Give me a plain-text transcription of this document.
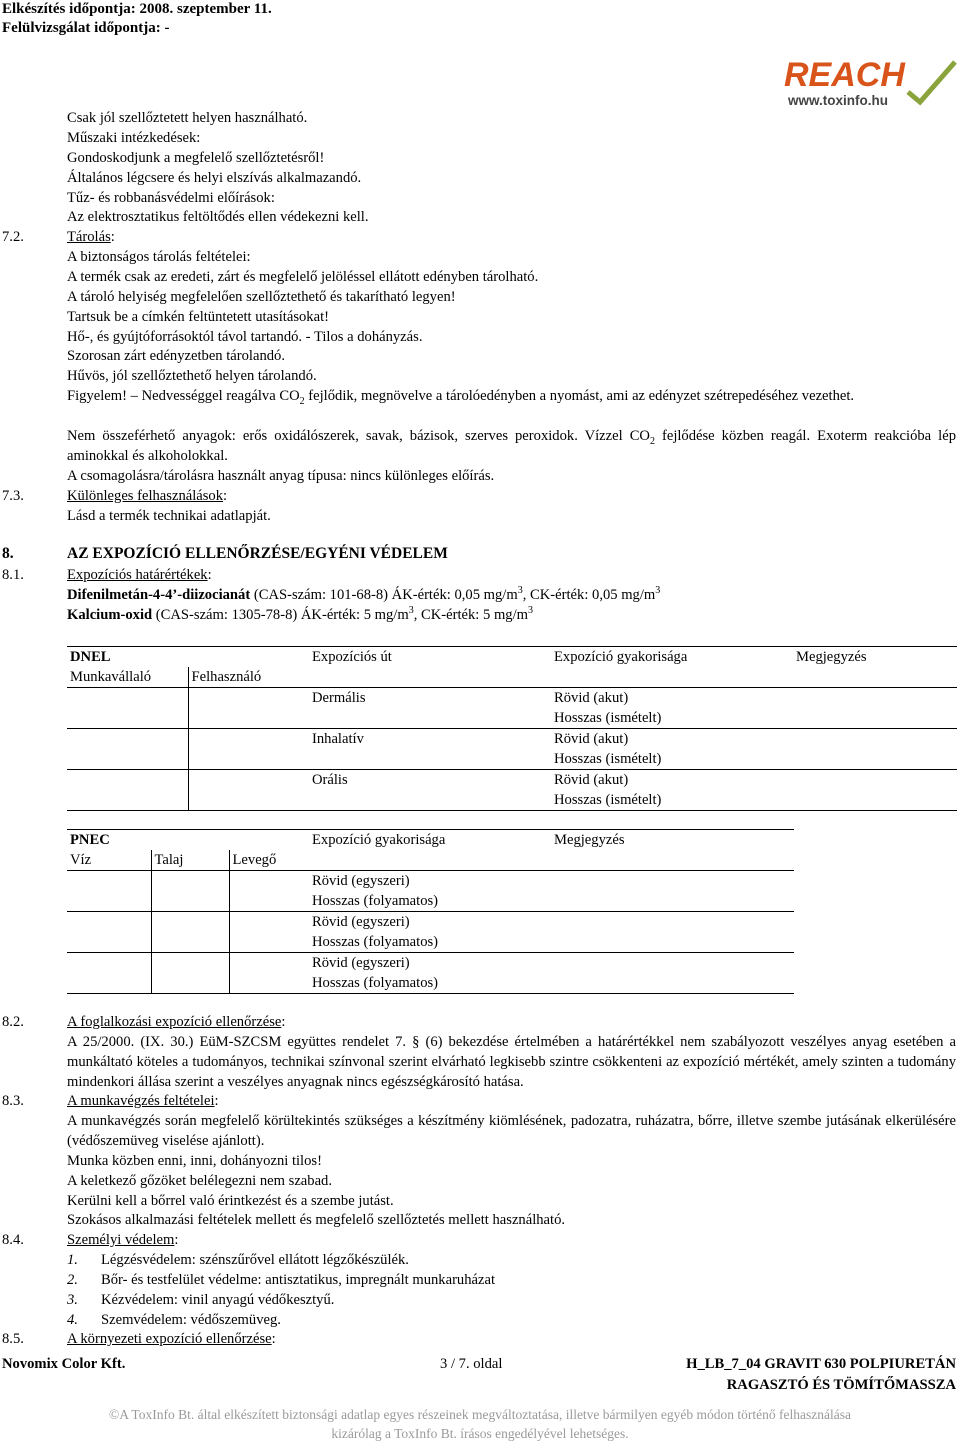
Elkészítés időpontja: 2008. szeptember 11.
Felülvizsgálat időpontja: -
REACH
www.toxinfo.hu
Csak jól szellőztetett helyen használható.
Műszaki intézkedések:
Gondoskodjunk a megfelelő szellőztetésről!
Általános légcsere és helyi elszívás alkalmazandó.
Tűz- és robbanásvédelmi előírások:
Az elektrosztatikus feltöltődés ellen védekezni kell.
7.2.	Tárolás:
A biztonságos tárolás feltételei:
A termék csak az eredeti, zárt és megfelelő jelöléssel ellátott edényben tárolható.
A tároló helyiség megfelelően szellőztethető és takarítható legyen!
Tartsuk be a címkén feltüntetett utasításokat!
Hő-, és gyújtóforrásoktól távol tartandó. - Tilos a dohányzás.
Szorosan zárt edényzetben tárolandó.
Hűvös, jól szellőztethető helyen tárolandó.
Figyelem! – Nedvességgel reagálva $CO_2$ fejlődik, megnövelve a tárolóedényben a nyomást, ami az edényzet szétrepedéséhez vezethet.
Nem összeférhető anyagok: erős oxidálószerek, savak, bázisok, szerves peroxidok. Vízzel $CO_2$ fejlődése közben reagál. Exoterm reakcióba lép aminokkal és alkoholokkal.
A csomagolásra/tárolásra használt anyag típusa: nincs különleges előírás.
7.3.	Különleges felhasználások:
Lásd a termék technikai adatlapját.
8.	AZ EXPOZÍCIÓ ELLENŐRZÉSE/EGYÉNI VÉDELEM
8.1.	Expozíciós határértékek:
Difenilmetán-4-4’-diizocianát (CAS-szám: 101-68-8) ÁK-érték: 0,05 $mg/m^3$, CK-érték: 0,05 $mg/m^3$
Kalcium-oxid (CAS-szám: 1305-78-8) ÁK-érték: 5 $mg/m^3$, CK-érték: 5 $mg/m^3$
DNEL		Expozíciós út	Expozíció gyakorisága	Megjegyzés
Munkavállaló	Felhasználó			
		Dermális	Rövid (akut)
Hosszas (ismételt)	

		Inhalatív	Rövid (akut)
Hosszas (ismételt)	

		Orális	Rövid (akut)
Hosszas (ismételt)	

PNEC			Expozíció gyakorisága	Megjegyzés
Víz	Talaj	Levegő		

			Rövid (egyszeri)
Hosszas (folyamatos)	

			Rövid (egyszeri)
Hosszas (folyamatos)	

			Rövid (egyszeri)
Hosszas (folyamatos)	

8.2.	A foglalkozási expozíció ellenőrzése:
A 25/2000. (IX. 30.) EüM-SZCSM együttes rendelet 7. § (6) bekezdése értelmében a határértékkel nem szabályozott veszélyes anyag esetében a munkáltató köteles a tudományos, technikai színvonal szerint elvárható legkisebb szintre csökkenteni az expozíció mértékét, amely szinten a tudomány mindenkori állása szerint a veszélyes anyagnak nincs egészségkárosító hatása.
8.3.	A munkavégzés feltételei:
A munkavégzés során megfelelő körültekintés szükséges a készítmény kiömlésének, padozatra, ruházatra, bőrre, illetve szembe jutásának elkerülésére (védőszemüveg viselése ajánlott).
Munka közben enni, inni, dohányozni tilos!
A keletkező gőzöket belélegezni nem szabad.
Kerülni kell a bőrrel való érintkezést és a szembe jutást.
Szokásos alkalmazási feltételek mellett és megfelelő szellőztetés mellett használható.
8.4.	Személyi védelem:
1. Légzésvédelem: szénszűrővel ellátott légzőkészülék.
2. Bőr- és testfelület védelme: antisztatikus, impregnált munkaruházat
3. Kézvédelem: vinil anyagú védőkesztyű.
4. Szemvédelem: védőszemüveg.
8.5.	A környezeti expozíció ellenőrzése:
Novomix Color Kft.	3 / 7. oldal	H_LB_7_04 GRAVIT 630 POLPIURETÁN
RAGASZTÓ ÉS TÖMÍTŐMASSZA
©A ToxInfo Bt. által elkészített biztonsági adatlap egyes részeinek megváltoztatása, illetve bármilyen egyéb módon történő felhasználása
kizárólag a ToxInfo Bt. írásos engedélyével lehetséges.
